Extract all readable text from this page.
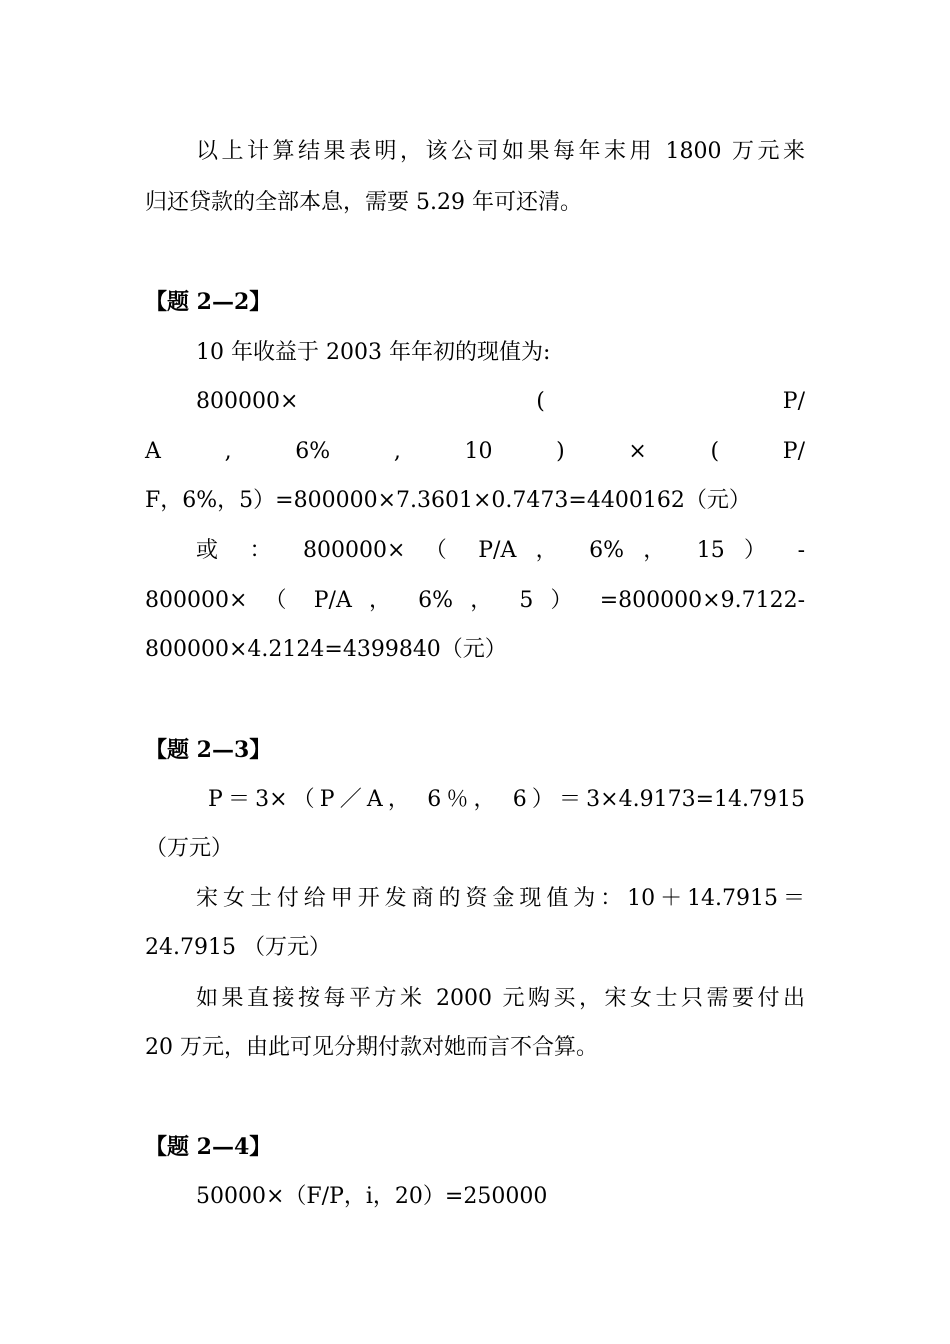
以上计算结果表明，该公司如果每年末用 1800 万元来
归还贷款的全部本息，需要 5.29 年可还清。
【题 2—2】
10 年收益于 2003 年年初的现值为:
800000× ( P/
A , 6% , 10 ) × ( P/
F，6%，5）=800000×7.3601×0.7473=4400162（元）
或 ： 800000× （ P/A ， 6% ， 15 ） -
800000× （ P/A ， 6% ， 5 ） =800000×9.7122-
800000×4.2124=4399840（元）
【题 2—3】
P＝3×（P／A， 6％， 6）＝3×4.9173=14.7915
（万元）
宋女士付给甲开发商的资金现值为：10＋14.7915＝
24.7915 （万元）
如果直接按每平方米 2000 元购买，宋女士只需要付出
20 万元，由此可见分期付款对她而言不合算。
【题 2—4】
50000×（F/P，i，20）=250000
